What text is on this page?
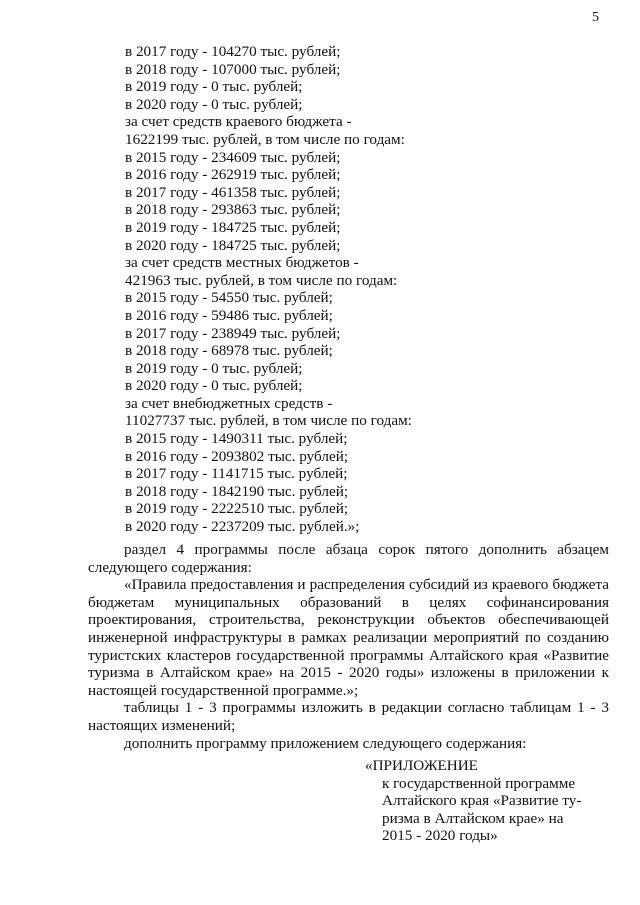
5
в 2017 году - 104270 тыс. рублей;
в 2018 году - 107000 тыс. рублей;
в 2019 году - 0 тыс. рублей;
в 2020 году - 0 тыс. рублей;
за счет средств краевого бюджета -
1622199 тыс. рублей, в том числе по годам:
в 2015 году - 234609 тыс. рублей;
в 2016 году - 262919 тыс. рублей;
в 2017 году - 461358 тыс. рублей;
в 2018 году - 293863 тыс. рублей;
в 2019 году - 184725 тыс. рублей;
в 2020 году - 184725 тыс. рублей;
за счет средств местных бюджетов -
421963 тыс. рублей, в том числе по годам:
в 2015 году - 54550 тыс. рублей;
в 2016 году - 59486 тыс. рублей;
в 2017 году - 238949 тыс. рублей;
в 2018 году - 68978 тыс. рублей;
в 2019 году - 0 тыс. рублей;
в 2020 году - 0 тыс. рублей;
за счет внебюджетных средств -
11027737 тыс. рублей, в том числе по годам:
в 2015 году - 1490311 тыс. рублей;
в 2016 году - 2093802 тыс. рублей;
в 2017 году - 1141715 тыс. рублей;
в 2018 году - 1842190 тыс. рублей;
в 2019 году - 2222510 тыс. рублей;
в 2020 году - 2237209 тыс. рублей.»;

раздел 4 программы после абзаца сорок пятого дополнить абзацем следующего содержания:

«Правила предоставления и распределения субсидий из краевого бюджета бюджетам муниципальных образований в целях софинансирования проектирования, строительства, реконструкции объектов обеспечивающей инженерной инфраструктуры в рамках реализации мероприятий по созданию туристских кластеров государственной программы Алтайского края «Развитие туризма в Алтайском крае» на 2015 - 2020 годы» изложены в приложении к настоящей государственной программе.»;

таблицы 1 - 3 программы изложить в редакции согласно таблицам 1 - 3 настоящих изменений;

дополнить программу приложением следующего содержания:

«ПРИЛОЖЕНИЕ
к государственной программе
Алтайского края «Развитие ту-
ризма в Алтайском крае» на
2015 - 2020 годы»
